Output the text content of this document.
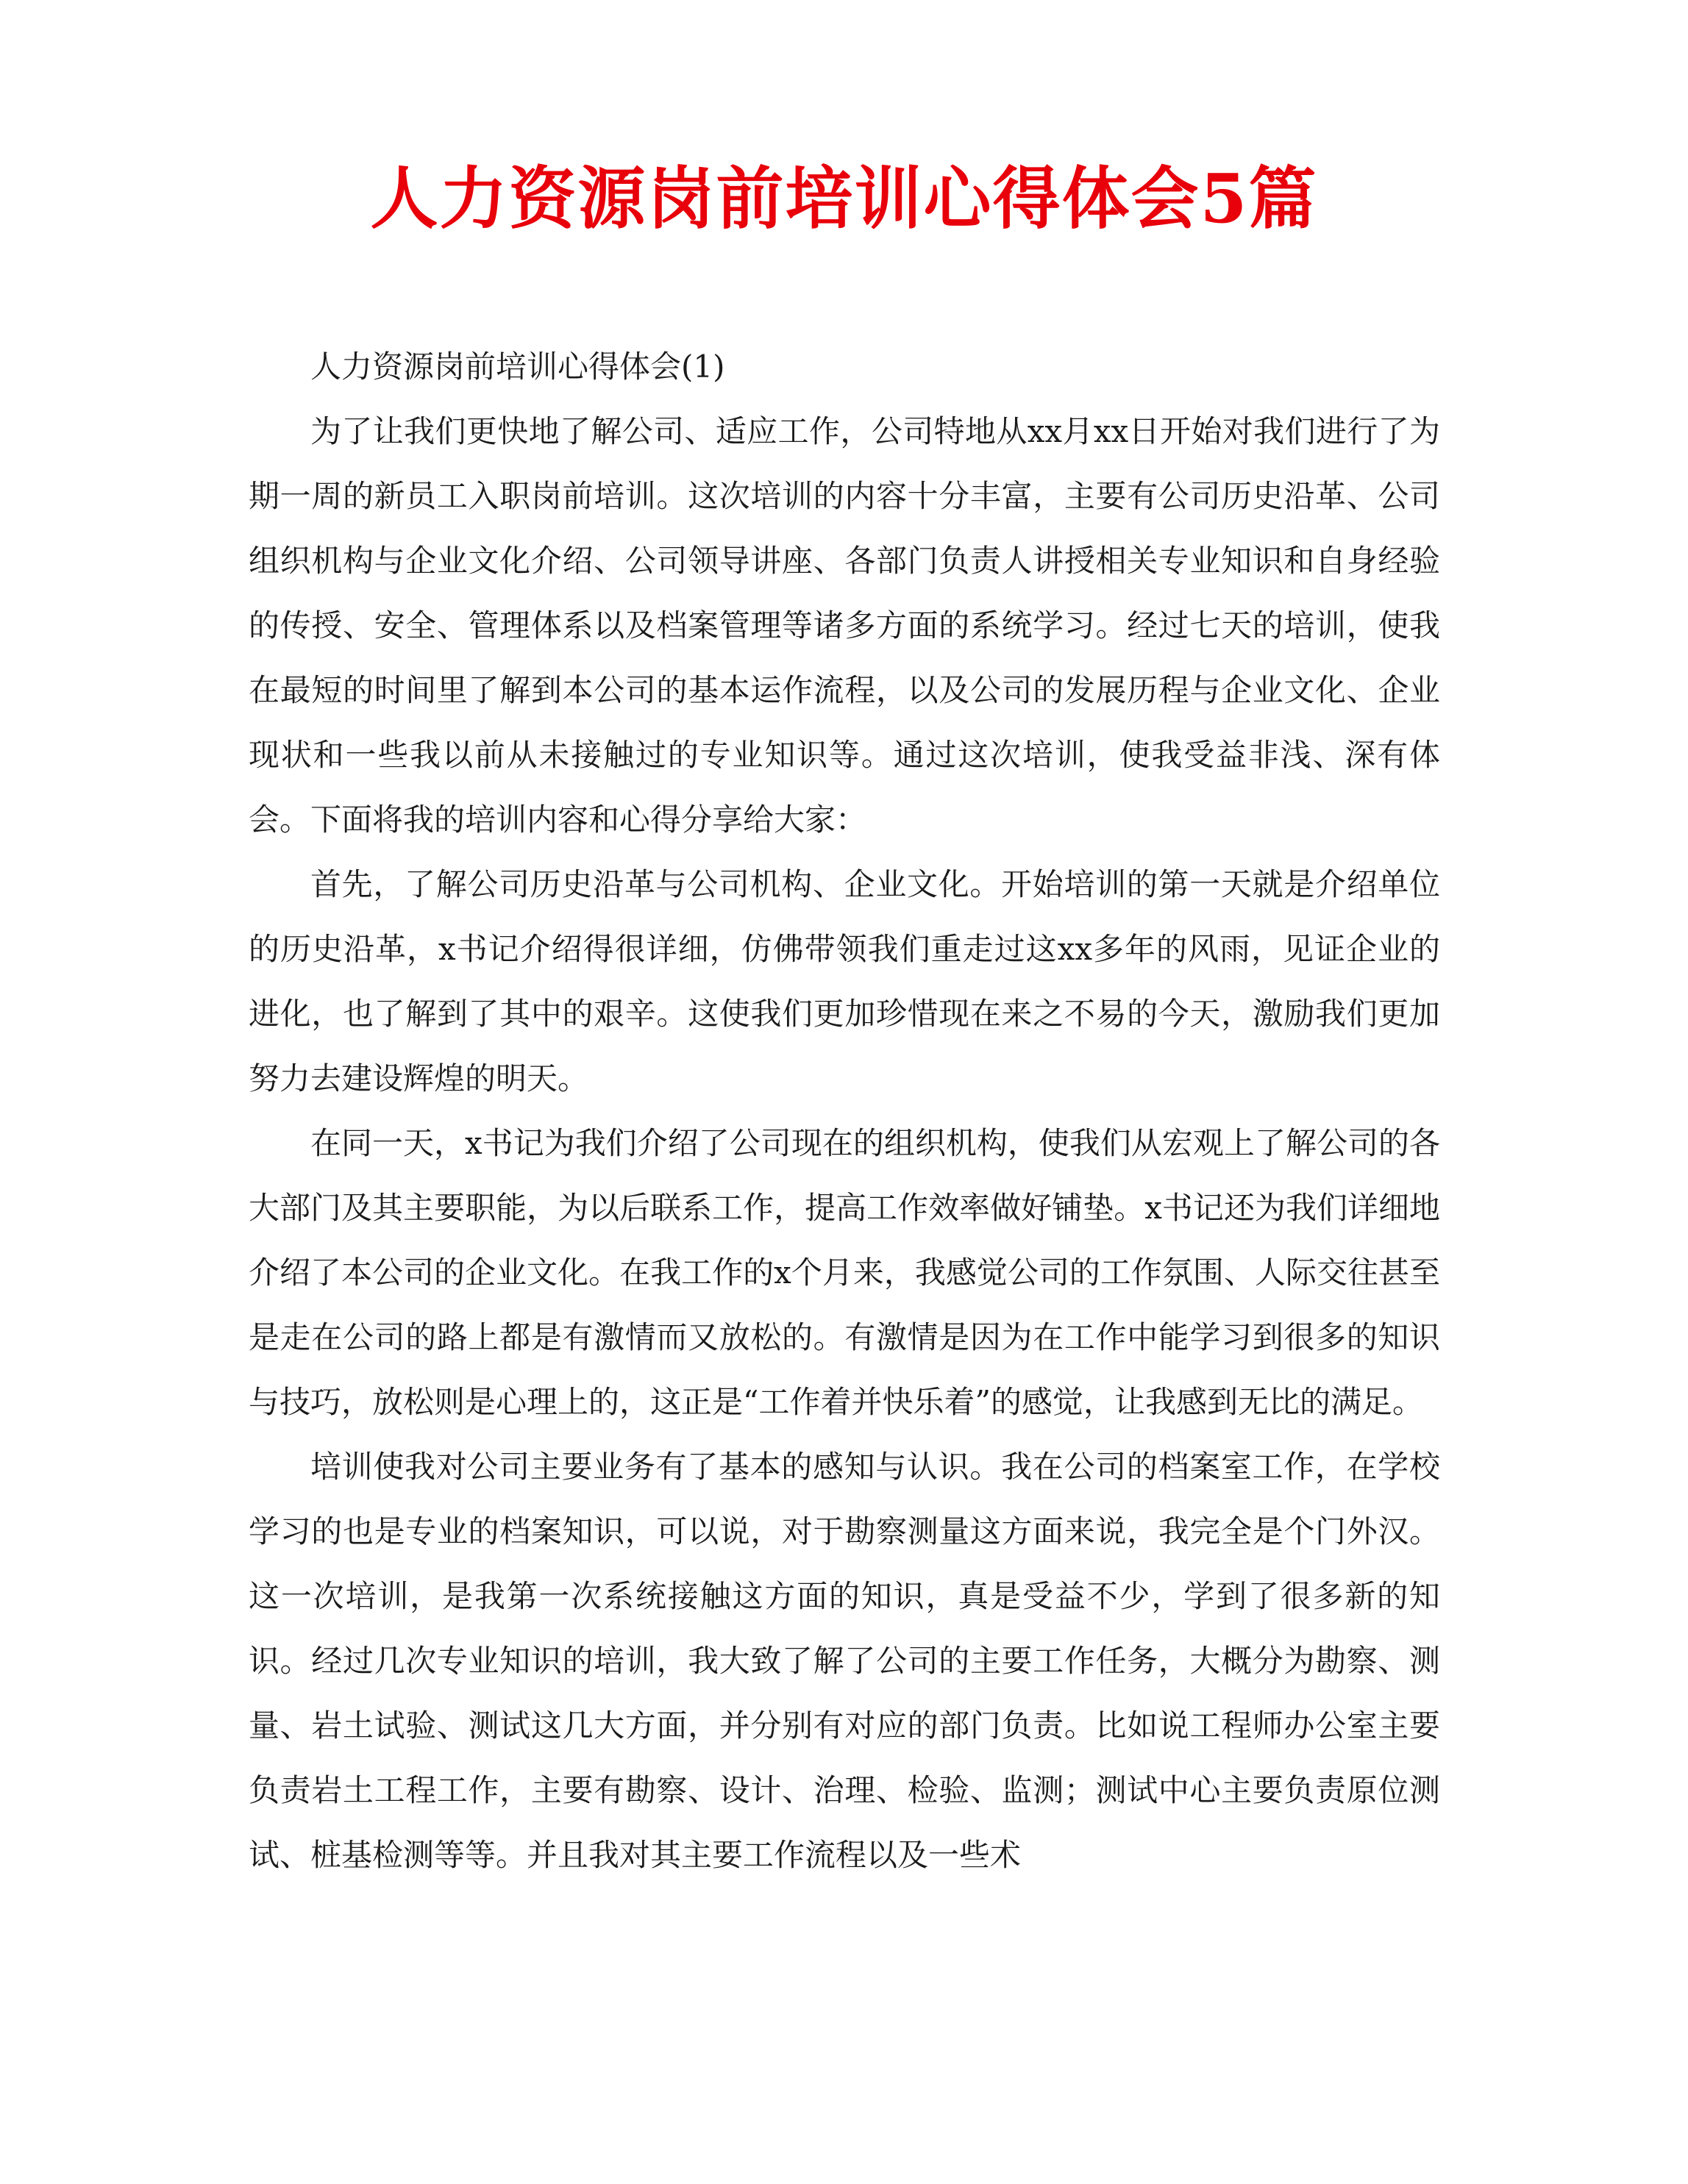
人力资源岗前培训心得体会5篇

人力资源岗前培训心得体会(1)

为了让我们更快地了解公司、适应工作，公司特地从xx月xx日开始对我们进行了为期一周的新员工入职岗前培训。这次培训的内容十分丰富，主要有公司历史沿革、公司组织机构与企业文化介绍、公司领导讲座、各部门负责人讲授相关专业知识和自身经验的传授、安全、管理体系以及档案管理等诸多方面的系统学习。经过七天的培训，使我在最短的时间里了解到本公司的基本运作流程，以及公司的发展历程与企业文化、企业现状和一些我以前从未接触过的专业知识等。通过这次培训，使我受益非浅、深有体会。下面将我的培训内容和心得分享给大家：

首先，了解公司历史沿革与公司机构、企业文化。开始培训的第一天就是介绍单位的历史沿革，x书记介绍得很详细，仿佛带领我们重走过这xx多年的风雨，见证企业的进化，也了解到了其中的艰辛。这使我们更加珍惜现在来之不易的今天，激励我们更加努力去建设辉煌的明天。

在同一天，x书记为我们介绍了公司现在的组织机构，使我们从宏观上了解公司的各大部门及其主要职能，为以后联系工作，提高工作效率做好铺垫。x书记还为我们详细地介绍了本公司的企业文化。在我工作的x个月来，我感觉公司的工作氛围、人际交往甚至是走在公司的路上都是有激情而又放松的。有激情是因为在工作中能学习到很多的知识与技巧，放松则是心理上的，这正是“工作着并快乐着”的感觉，让我感到无比的满足。

培训使我对公司主要业务有了基本的感知与认识。我在公司的档案室工作，在学校学习的也是专业的档案知识，可以说，对于勘察测量这方面来说，我完全是个门外汉。这一次培训，是我第一次系统接触这方面的知识，真是受益不少，学到了很多新的知识。经过几次专业知识的培训，我大致了解了公司的主要工作任务，大概分为勘察、测量、岩土试验、测试这几大方面，并分别有对应的部门负责。比如说工程师办公室主要负责岩土工程工作，主要有勘察、设计、治理、检验、监测；测试中心主要负责原位测试、桩基检测等等。并且我对其主要工作流程以及一些术
